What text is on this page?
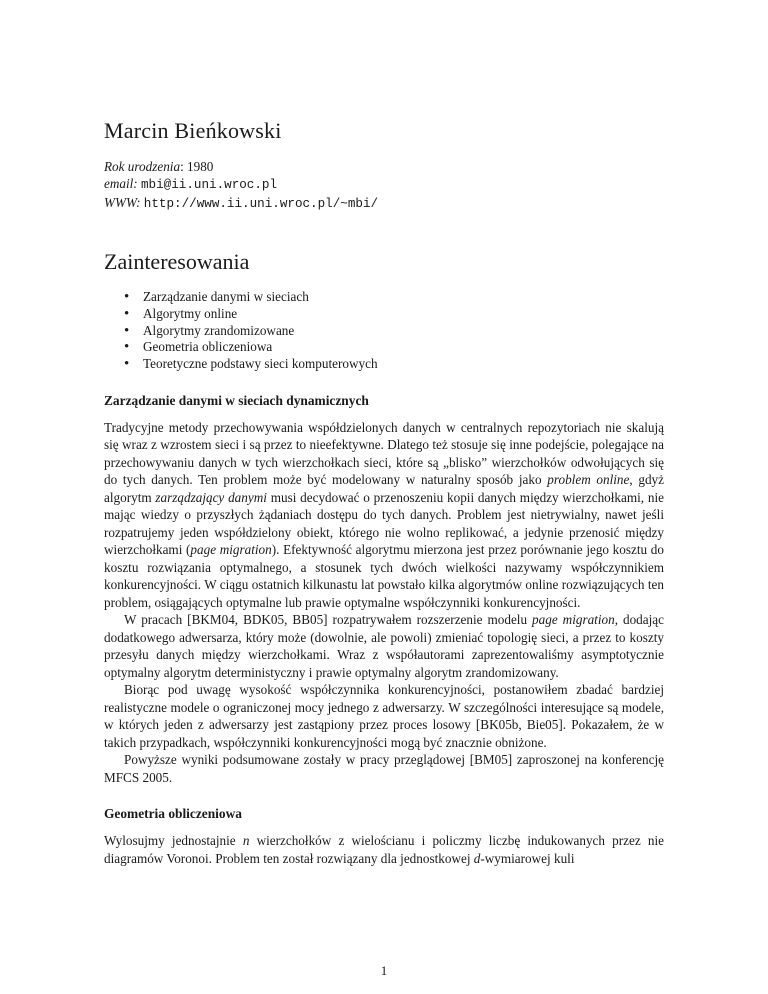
Marcin Bieńkowski
Rok urodzenia: 1980
email: mbi@ii.uni.wroc.pl
WWW: http://www.ii.uni.wroc.pl/~mbi/
Zainteresowania
• Zarządzanie danymi w sieciach
• Algorytmy online
• Algorytmy zrandomizowane
• Geometria obliczeniowa
• Teoretyczne podstawy sieci komputerowych
Zarządzanie danymi w sieciach dynamicznych

Tradycyjne metody przechowywania współdzielonych danych w centralnych repozytoriach nie skalują się wraz z wzrostem sieci i są przez to nieefektywne. Dlatego też stosuje się inne podejście, polegające na przechowywaniu danych w tych wierzchołkach sieci, które są „blisko” wierzchołków odwołujących się do tych danych. Ten problem może być modelowany w naturalny sposób jako problem online, gdyż algorytm zarządzający danymi musi decydować o przenoszeniu kopii danych między wierzchołkami, nie mając wiedzy o przyszłych żądaniach dostępu do tych danych. Problem jest nietrywialny, nawet jeśli rozpatrujemy jeden współdzielony obiekt, którego nie wolno replikować, a jedynie przenosić między wierzchołkami (page migration). Efektywność algorytmu mierzona jest przez porównanie jego kosztu do kosztu rozwiązania optymalnego, a stosunek tych dwóch wielkości nazywamy współczynnikiem konkurencyjności. W ciągu ostatnich kilkunastu lat powstało kilka algorytmów online rozwiązujących ten problem, osiągających optymalne lub prawie optymalne współczynniki konkurencyjności.

W pracach [BKM04, BDK05, BB05] rozpatrywałem rozszerzenie modelu page migration, dodając dodatkowego adwersarza, który może (dowolnie, ale powoli) zmieniać topologię sieci, a przez to koszty przesyłu danych między wierzchołkami. Wraz z współautorami zaprezentowaliśmy asymptotycznie optymalny algorytm deterministyczny i prawie optymalny algorytm zrandomizowany.

Biorąc pod uwagę wysokość współczynnika konkurencyjności, postanowiłem zbadać bardziej realistyczne modele o ograniczonej mocy jednego z adwersarzy. W szczególności interesujące są modele, w których jeden z adwersarzy jest zastąpiony przez proces losowy [BK05b, Bie05]. Pokazałem, że w takich przypadkach, współczynniki konkurencyjności mogą być znacznie obniżone.

Powyższe wyniki podsumowane zostały w pracy przeglądowej [BM05] zaproszonej na konferencję MFCS 2005.

Geometria obliczeniowa

Wylosujmy jednostajnie n wierzchołków z wielościanu i policzmy liczbę indukowanych przez nie diagramów Voronoi. Problem ten został rozwiązany dla jednostkowej d-wymiarowej kuli

1
